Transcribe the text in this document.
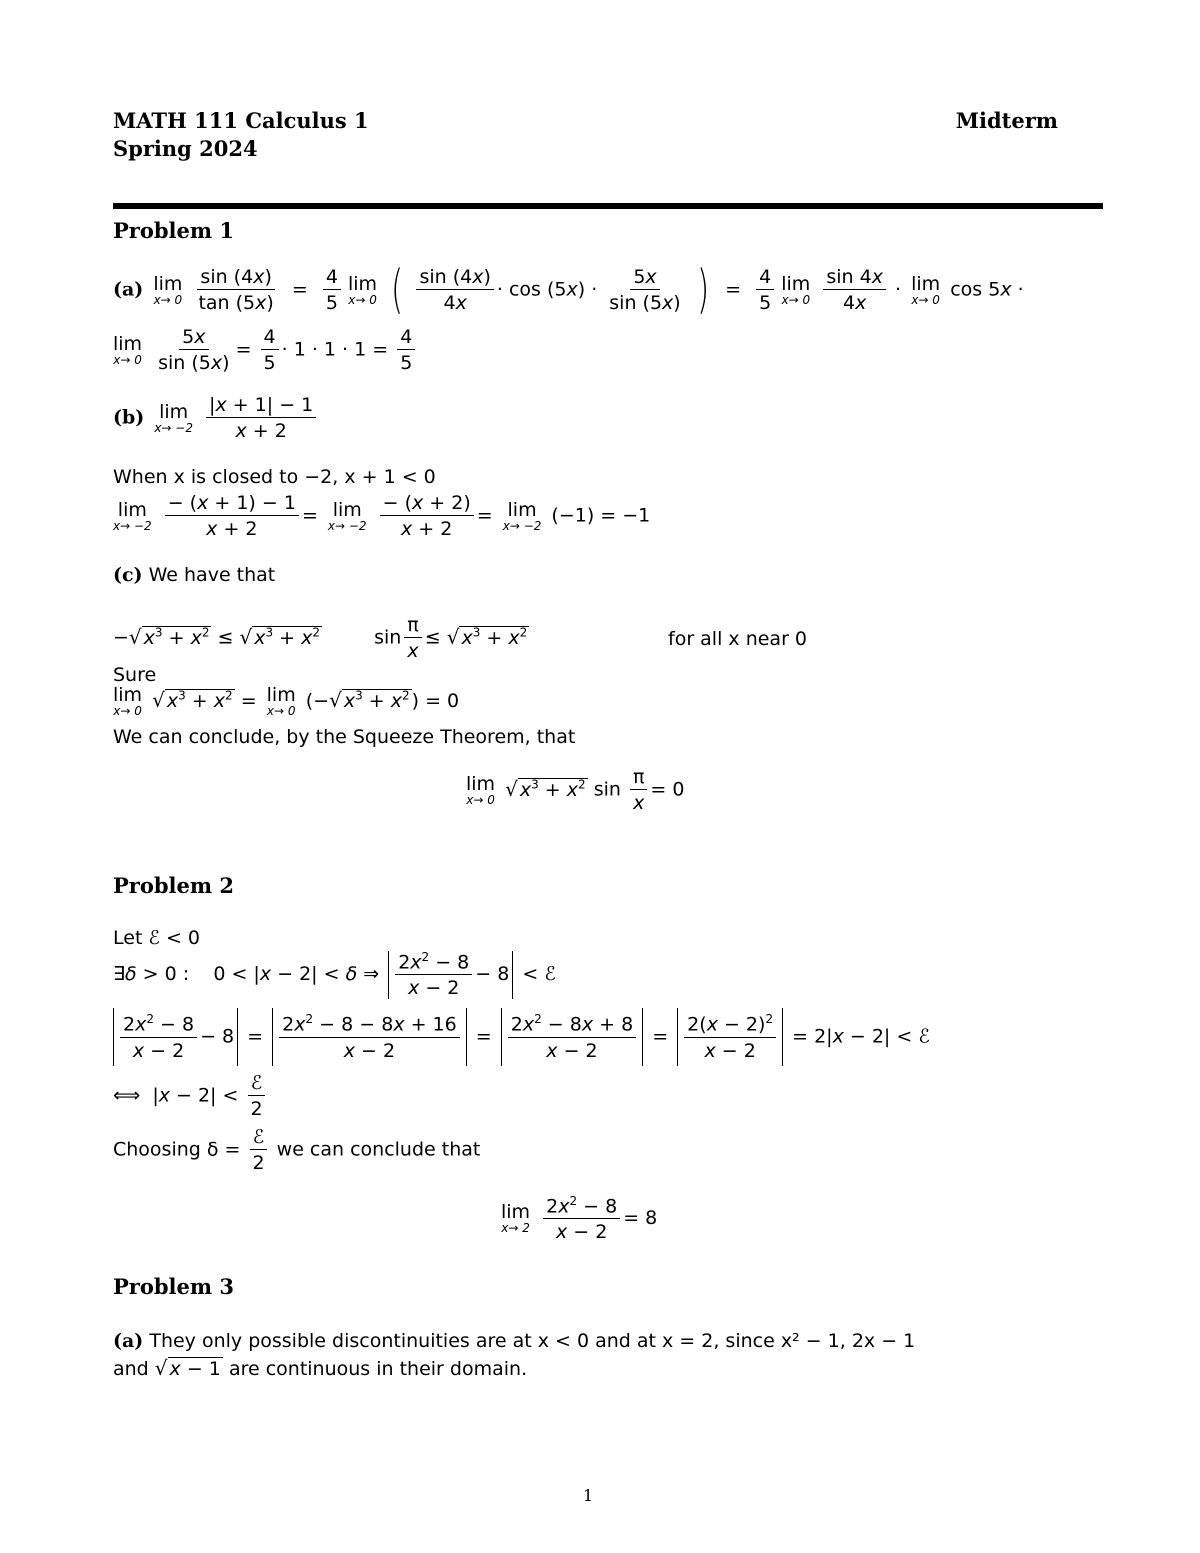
MATH 111 Calculus 1
Spring 2024
Midterm
Problem 1
(a) lim
x→ 0
$\frac{\sin (4x)}{\tan (5x)} = \frac{4}{5}$ lim
x→ 0 ( $\frac{\sin (4x)}{4x} \cdot \cos (5x) \cdot \frac{5x}{\sin (5x)}$ )  = $\frac{4}{5}$ lim
x→ 0
$\frac{\sin 4x}{4x} \cdot \lim$
x→ 0 cos 5x ·
lim
x→ 0
$\frac{5x}{\sin (5x)} = \frac{4}{5} \cdot 1 \cdot 1 \cdot 1 = \frac{4}{5}$
(b) lim
x→ −2
$\frac{|x + 1| - 1}{x + 2}$
When x is closed to −2, x + 1 < 0
lim
x→ −2
$\frac{- (x + 1) - 1}{x + 2} = \lim$
x→ −2
$\frac{- (x + 2)}{x + 2} = \lim$
x→ −2 (−1) = −1
(c) We have that
−√ $x^3 + x^2$ ≤ √ $x^3 + x^2$	$\sin \frac{\pi}{x}$ ≤ √ $x^3 + x^2$	for all x near 0
Sure
lim
x→ 0 √ $x^3 + x^2 = \lim$
x→ 0 (−√ $x^3 + x^2$ ) = 0
We can conclude, by the Squeeze Theorem, that
lim
x→ 0 √ $x^3 + x^2$ $\sin \frac{\pi}{x} = 0$
Problem 2
Let ℰ < 0
∃δ > 0 :    0 < |x − 2| < δ ⇒ $\frac{2x^2 - 8}{x - 2} - 8$ < ℰ
$\frac{2x^2 - 8}{x - 2} - 8 = \frac{2x^2 - 8 - 8x + 16}{x - 2} = \frac{2x^2 - 8x + 8}{x - 2} = \frac{2(x - 2)^2}{x - 2} = 2|x - 2|$ < ℰ
⟺  |x − 2| <
ℰ
2
Choosing δ =
ℰ
2
we can conclude that
lim
x→ 2
$\frac{2x^2 - 8}{x - 2} = 8$
Problem 3
(a) They only possible discontinuities are at x < 0 and at x = 2, since x² − 1, 2x − 1
and √ x − 1 are continuous in their domain.
1
